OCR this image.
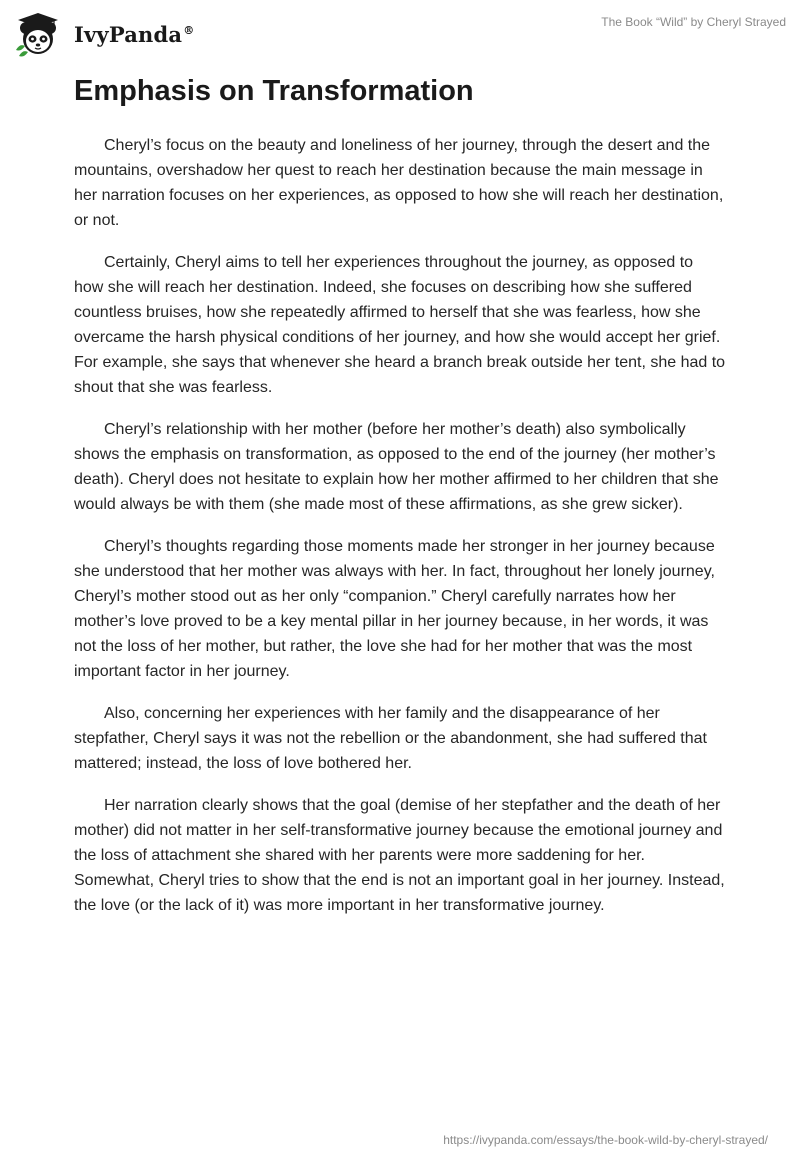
IvyPanda®
The Book “Wild” by Cheryl Strayed
Emphasis on Transformation

Cheryl’s focus on the beauty and loneliness of her journey, through the desert and the mountains, overshadow her quest to reach her destination because the main message in her narration focuses on her experiences, as opposed to how she will reach her destination, or not.

Certainly, Cheryl aims to tell her experiences throughout the journey, as opposed to how she will reach her destination. Indeed, she focuses on describing how she suffered countless bruises, how she repeatedly affirmed to herself that she was fearless, how she overcame the harsh physical conditions of her journey, and how she would accept her grief. For example, she says that whenever she heard a branch break outside her tent, she had to shout that she was fearless.

Cheryl’s relationship with her mother (before her mother’s death) also symbolically shows the emphasis on transformation, as opposed to the end of the journey (her mother’s death). Cheryl does not hesitate to explain how her mother affirmed to her children that she would always be with them (she made most of these affirmations, as she grew sicker).

Cheryl’s thoughts regarding those moments made her stronger in her journey because she understood that her mother was always with her. In fact, throughout her lonely journey, Cheryl’s mother stood out as her only “companion.” Cheryl carefully narrates how her mother’s love proved to be a key mental pillar in her journey because, in her words, it was not the loss of her mother, but rather, the love she had for her mother that was the most important factor in her journey.

Also, concerning her experiences with her family and the disappearance of her stepfather, Cheryl says it was not the rebellion or the abandonment, she had suffered that mattered; instead, the loss of love bothered her.

Her narration clearly shows that the goal (demise of her stepfather and the death of her mother) did not matter in her self-transformative journey because the emotional journey and the loss of attachment she shared with her parents were more saddening for her. Somewhat, Cheryl tries to show that the end is not an important goal in her journey. Instead, the love (or the lack of it) was more important in her transformative journey.

https://ivypanda.com/essays/the-book-wild-by-cheryl-strayed/
